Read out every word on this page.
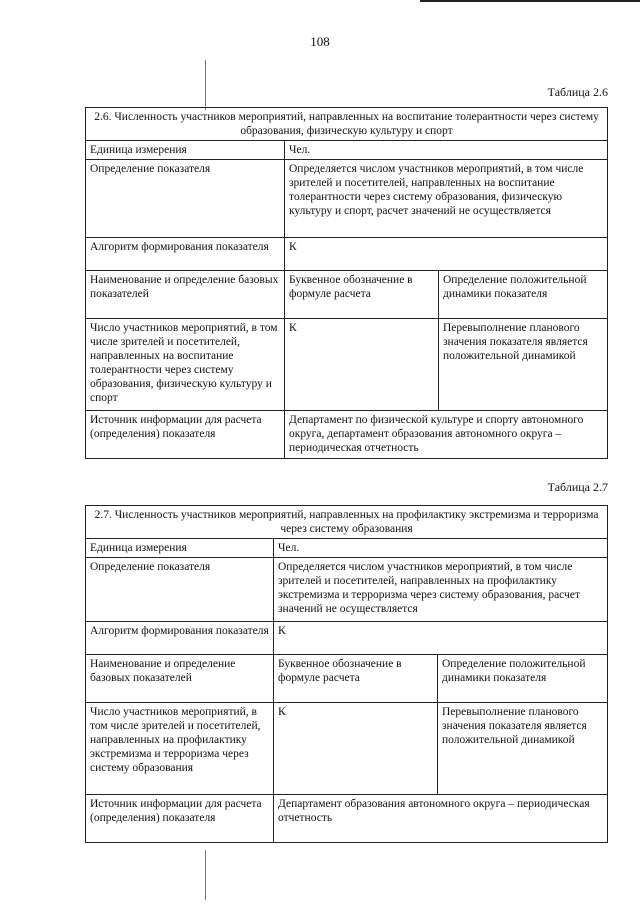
108
Таблица 2.6
2.6. Численность участников мероприятий, направленных на воспитание толерантности через систему образования, физическую культуру и спорт		
Единица измерения	Чел.	
Определение показателя	Определяется числом участников мероприятий, в том числе зрителей и посетителей, направленных на воспитание толерантности через систему образования, физическую культуру и спорт, расчет значений не осуществляется	
Алгоритм формирования показателя	К	
Наименование и определение базовых показателей	Буквенное обозначение в формуле расчета	Определение положительной динамики показателя
Число участников мероприятий, в том числе зрителей и посетителей, направленных на воспитание толерантности через систему образования, физическую культуру и спорт	К	Перевыполнение планового значения показателя является положительной динамикой
Источник информации для расчета (определения) показателя	Департамент по физической культуре и спорту автономного округа, департамент образования автономного округа – периодическая отчетность	
Таблица 2.7
2.7. Численность участников мероприятий, направленных на профилактику экстремизма и терроризма через систему образования		
Единица измерения	Чел.	
Определение показателя	Определяется числом участников мероприятий, в том числе зрителей и посетителей, направленных на профилактику экстремизма и терроризма через систему образования, расчет значений не осуществляется	
Алгоритм формирования показателя	К	
Наименование и определение базовых показателей	Буквенное обозначение в формуле расчета	Определение положительной динамики показателя
Число участников мероприятий, в том числе зрителей и посетителей, направленных на профилактику экстремизма и терроризма через систему образования	К	Перевыполнение планового значения показателя является положительной динамикой
Источник информации для расчета (определения) показателя	Департамент образования автономного округа – периодическая отчетность	
